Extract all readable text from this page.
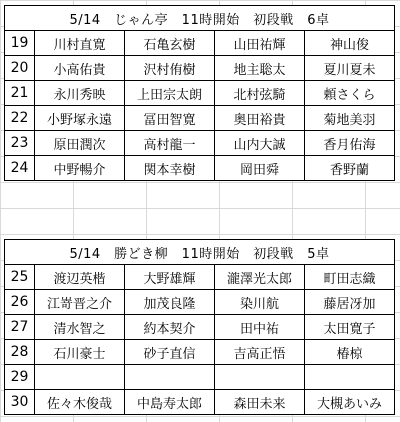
5/14　じゃん亭　11時開始　初段戦　6卓				
19	川村直寛	石亀玄樹	山田祐輝	神山俊
20	小高佑貴	沢村侑樹	地主聡太	夏川夏未
21	永川秀映	上田宗太朗	北村弦騎	頼さくら
22	小野塚永遠	冨田智寛	奥田裕貴	菊地美羽
23	原田潤次	高村龍一	山内大誠	香月佑海
24	中野暢介	関本幸樹	岡田舜	香野蘭
5/14　勝どき柳　11時開始　初段戦　5卓				
25	渡辺英楷	大野雄輝	瀧澤光太郎	町田志織
26	江嵜晋之介	加茂良隆	染川航	藤居冴加
27	清水智之	約本契介	田中祐	太田寛子
28	石川豪士	砂子直信	吉高正悟	椿椋
29				
30	佐々木俊哉	中島寿太郎	森田未来	大槻あいみ
